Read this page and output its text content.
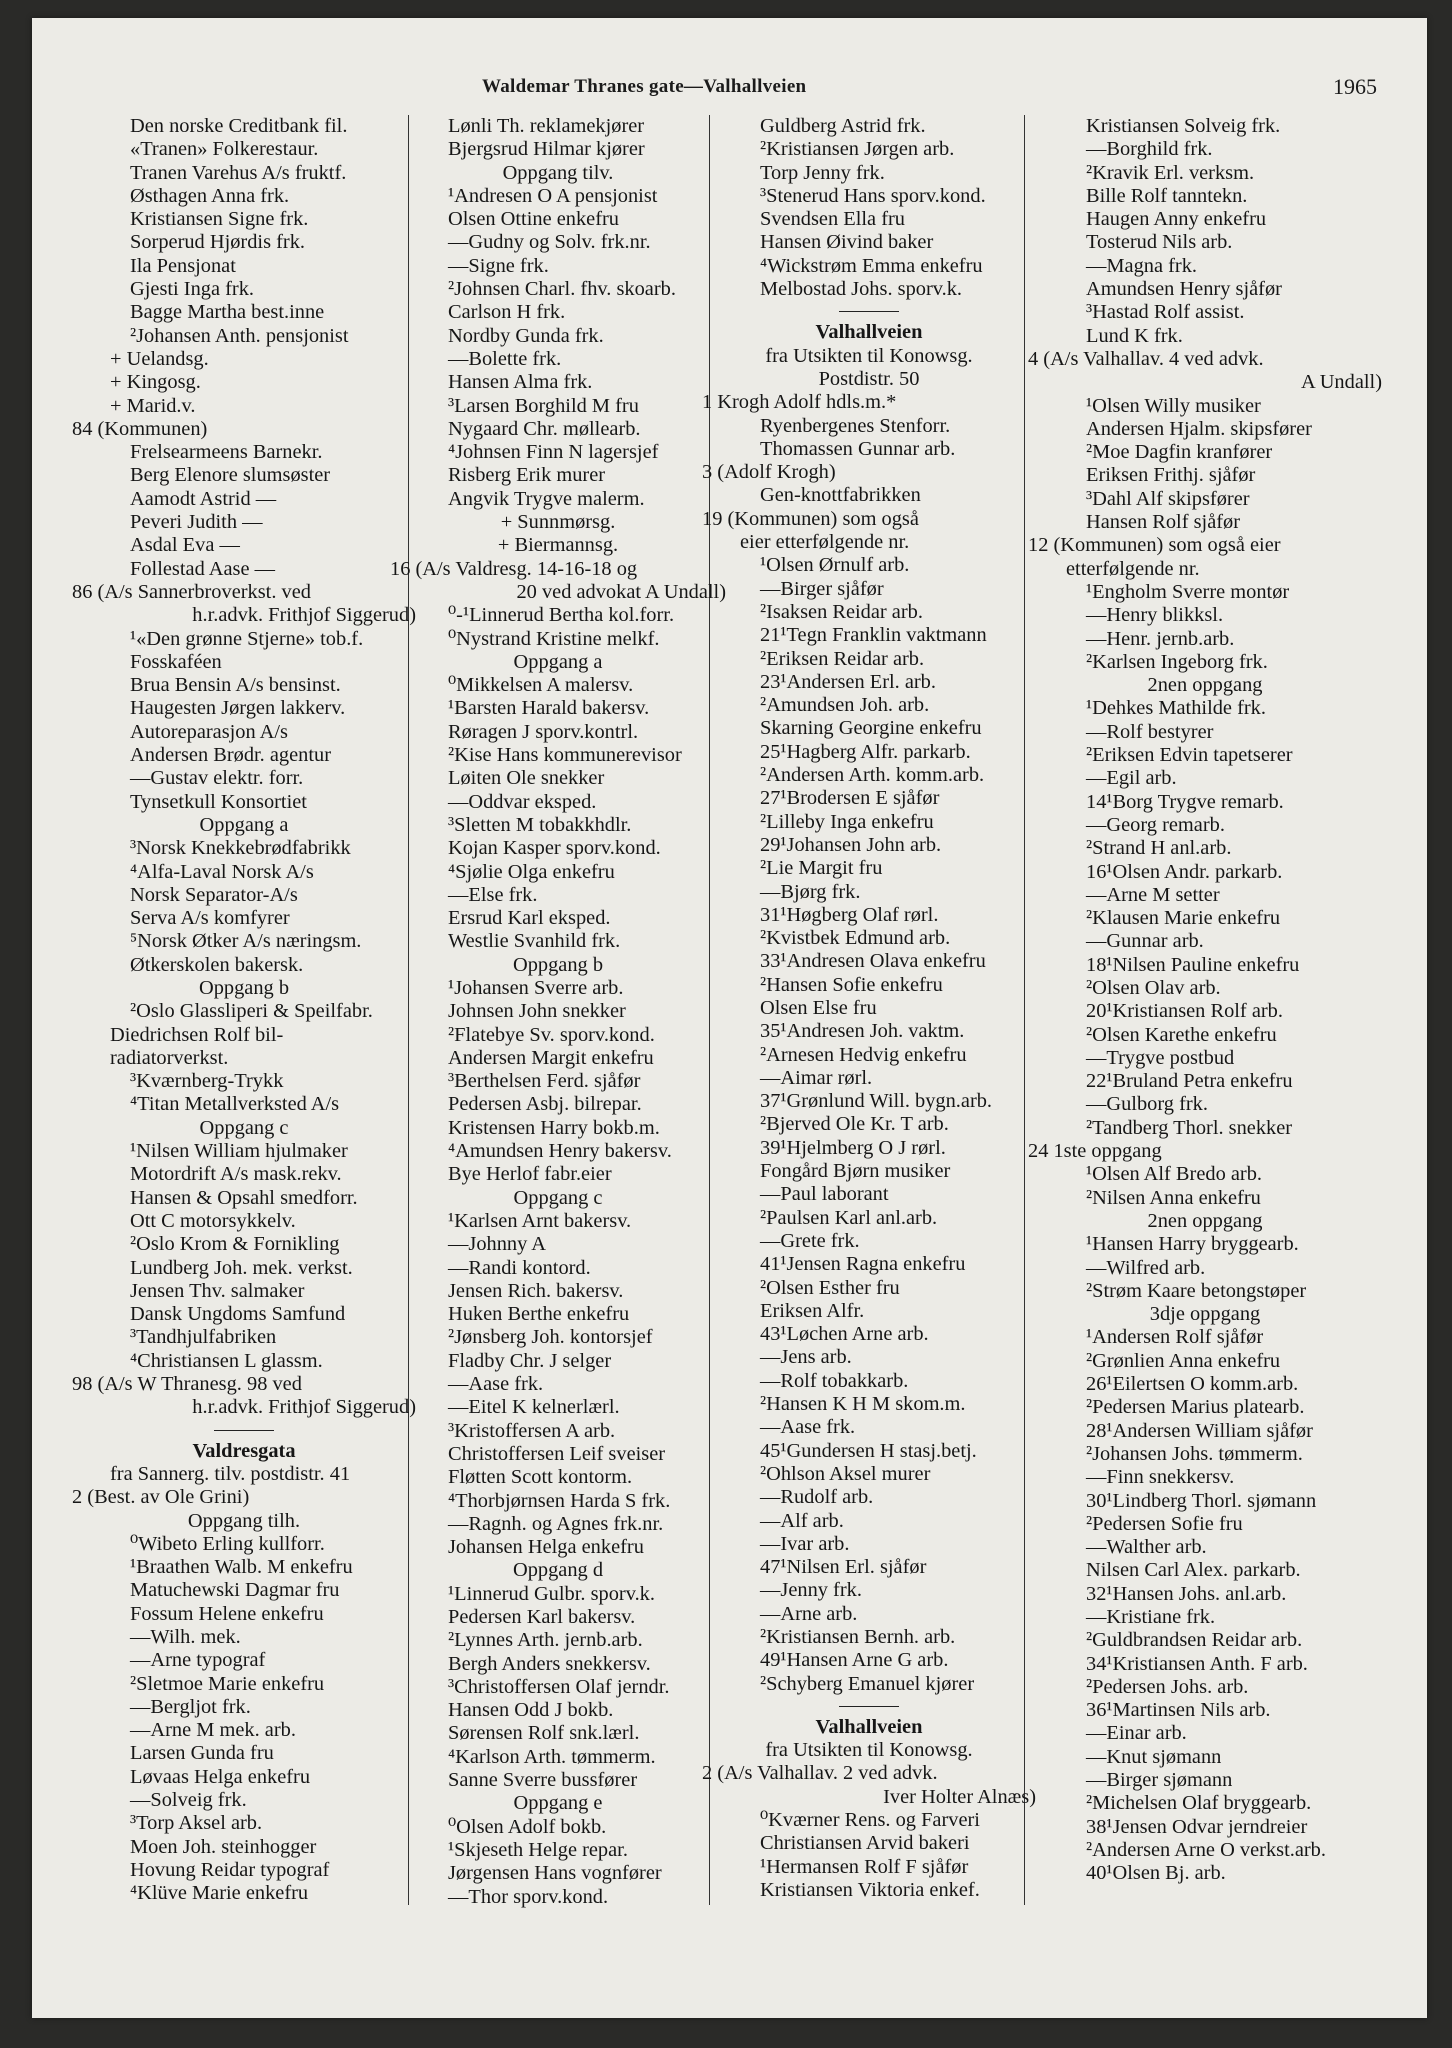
Waldemar Thranes gate—Valhallveien	1965
Den norske Creditbank fil.
«Tranen» Folkerestaur.
Tranen Varehus A/s fruktf.
Østhagen Anna frk.
Kristiansen Signe frk.
Sorperud Hjørdis frk.
Ila Pensjonat
Gjesti Inga frk.
Bagge Martha best.inne
²Johansen Anth. pensjonist
+ Uelandsg.
+ Kingosg.
+ Marid.v.
84 (Kommunen)
Frelsearmeens Barnekr.
Berg Elenore slumsøster
Aamodt Astrid —
Peveri Judith —
Asdal Eva —
Follestad Aase —
86 (A/s Sannerbroverkst. ved
h.r.advk. Frithjof Siggerud)
¹«Den grønne Stjerne» tob.f.
Fosskaféen
Brua Bensin A/s bensinst.
Haugesten Jørgen lakkerv.
Autoreparasjon A/s
Andersen Brødr. agentur
—Gustav elektr. forr.
Tynsetkull Konsortiet
Oppgang a
³Norsk Knekkebrødfabrikk
⁴Alfa-Laval Norsk A/s
Norsk Separator-A/s
Serva A/s komfyrer
⁵Norsk Øtker A/s næringsm.
Øtkerskolen bakersk.
Oppgang b
²Oslo Glassliperi & Speilfabr.
Diedrichsen Rolf bil-
radiatorverkst.
³Kværnberg-Trykk
⁴Titan Metallverksted A/s
Oppgang c
¹Nilsen William hjulmaker
Motordrift A/s mask.rekv.
Hansen & Opsahl smedforr.
Ott C motorsykkelv.
²Oslo Krom & Fornikling
Lundberg Joh. mek. verkst.
Jensen Thv. salmaker
Dansk Ungdoms Samfund
³Tandhjulfabriken
⁴Christiansen L glassm.
98 (A/s W Thranesg. 98 ved
h.r.advk. Frithjof Siggerud)
Valdresgata
fra Sannerg. tilv. postdistr. 41
2 (Best. av Ole Grini)
Oppgang tilh.
⁰Wibeto Erling kullforr.
¹Braathen Walb. M enkefru
Matuchewski Dagmar fru
Fossum Helene enkefru
—Wilh. mek.
—Arne typograf
²Sletmoe Marie enkefru
—Bergljot frk.
—Arne M mek. arb.
Larsen Gunda fru
Løvaas Helga enkefru
—Solveig frk.
³Torp Aksel arb.
Moen Joh. steinhogger
Hovung Reidar typograf
⁴Klüve Marie enkefru
Lønli Th. reklamekjører
Bjergsrud Hilmar kjører
Oppgang tilv.
¹Andresen O A pensjonist
Olsen Ottine enkefru
—Gudny og Solv. frk.nr.
—Signe frk.
²Johnsen Charl. fhv. skoarb.
Carlson H frk.
Nordby Gunda frk.
—Bolette frk.
Hansen Alma frk.
³Larsen Borghild M fru
Nygaard Chr. møllearb.
⁴Johnsen Finn N lagersjef
Risberg Erik murer
Angvik Trygve malerm.
+ Sunnmørsg.
+ Biermannsg.
16 (A/s Valdresg. 14-16-18 og
20 ved advokat A Undall)
⁰-¹Linnerud Bertha kol.forr.
⁰Nystrand Kristine melkf.
Oppgang a
⁰Mikkelsen A malersv.
¹Barsten Harald bakersv.
Røragen J sporv.kontrl.
²Kise Hans kommunerevisor
Løiten Ole snekker
—Oddvar eksped.
³Sletten M tobakkhdlr.
Kojan Kasper sporv.kond.
⁴Sjølie Olga enkefru
—Else frk.
Ersrud Karl eksped.
Westlie Svanhild frk.
Oppgang b
¹Johansen Sverre arb.
Johnsen John snekker
²Flatebye Sv. sporv.kond.
Andersen Margit enkefru
³Berthelsen Ferd. sjåfør
Pedersen Asbj. bilrepar.
Kristensen Harry bokb.m.
⁴Amundsen Henry bakersv.
Bye Herlof fabr.eier
Oppgang c
¹Karlsen Arnt bakersv.
—Johnny A
—Randi kontord.
Jensen Rich. bakersv.
Huken Berthe enkefru
²Jønsberg Joh. kontorsjef
Fladby Chr. J selger
—Aase frk.
—Eitel K kelnerlærl.
³Kristoffersen A arb.
Christoffersen Leif sveiser
Fløtten Scott kontorm.
⁴Thorbjørnsen Harda S frk.
—Ragnh. og Agnes frk.nr.
Johansen Helga enkefru
Oppgang d
¹Linnerud Gulbr. sporv.k.
Pedersen Karl bakersv.
²Lynnes Arth. jernb.arb.
Bergh Anders snekkersv.
³Christoffersen Olaf jerndr.
Hansen Odd J bokb.
Sørensen Rolf snk.lærl.
⁴Karlson Arth. tømmerm.
Sanne Sverre bussfører
Oppgang e
⁰Olsen Adolf bokb.
¹Skjeseth Helge repar.
Jørgensen Hans vognfører
—Thor sporv.kond.
Guldberg Astrid frk.
²Kristiansen Jørgen arb.
Torp Jenny frk.
³Stenerud Hans sporv.kond.
Svendsen Ella fru
Hansen Øivind baker
⁴Wickstrøm Emma enkefru
Melbostad Johs. sporv.k.
Valhallveien
fra Utsikten til Konowsg.
Postdistr. 50
1 Krogh Adolf hdls.m.*
Ryenbergenes Stenforr.
Thomassen Gunnar arb.
3 (Adolf Krogh)
Gen-knottfabrikken
19 (Kommunen) som også
eier etterfølgende nr.
¹Olsen Ørnulf arb.
—Birger sjåfør
²Isaksen Reidar arb.
21¹Tegn Franklin vaktmann
²Eriksen Reidar arb.
23¹Andersen Erl. arb.
²Amundsen Joh. arb.
Skarning Georgine enkefru
25¹Hagberg Alfr. parkarb.
²Andersen Arth. komm.arb.
27¹Brodersen E sjåfør
²Lilleby Inga enkefru
29¹Johansen John arb.
²Lie Margit fru
—Bjørg frk.
31¹Høgberg Olaf rørl.
²Kvistbek Edmund arb.
33¹Andresen Olava enkefru
²Hansen Sofie enkefru
Olsen Else fru
35¹Andresen Joh. vaktm.
²Arnesen Hedvig enkefru
—Aimar rørl.
37¹Grønlund Will. bygn.arb.
²Bjerved Ole Kr. T arb.
39¹Hjelmberg O J rørl.
Fongård Bjørn musiker
—Paul laborant
²Paulsen Karl anl.arb.
—Grete frk.
41¹Jensen Ragna enkefru
²Olsen Esther fru
Eriksen Alfr.
43¹Løchen Arne arb.
—Jens arb.
—Rolf tobakkarb.
²Hansen K H M skom.m.
—Aase frk.
45¹Gundersen H stasj.betj.
²Ohlson Aksel murer
—Rudolf arb.
—Alf arb.
—Ivar arb.
47¹Nilsen Erl. sjåfør
—Jenny frk.
—Arne arb.
²Kristiansen Bernh. arb.
49¹Hansen Arne G arb.
²Schyberg Emanuel kjører
Valhallveien
fra Utsikten til Konowsg.
2 (A/s Valhallav. 2 ved advk.
Iver Holter Alnæs)
⁰Kværner Rens. og Farveri
Christiansen Arvid bakeri
¹Hermansen Rolf F sjåfør
Kristiansen Viktoria enkef.
Kristiansen Solveig frk.
—Borghild frk.
²Kravik Erl. verksm.
Bille Rolf tanntekn.
Haugen Anny enkefru
Tosterud Nils arb.
—Magna frk.
Amundsen Henry sjåfør
³Hastad Rolf assist.
Lund K frk.
4 (A/s Valhallav. 4 ved advk.
A Undall)
¹Olsen Willy musiker
Andersen Hjalm. skipsfører
²Moe Dagfin kranfører
Eriksen Frithj. sjåfør
³Dahl Alf skipsfører
Hansen Rolf sjåfør
12 (Kommunen) som også eier
etterfølgende nr.
¹Engholm Sverre montør
—Henry blikksl.
—Henr. jernb.arb.
²Karlsen Ingeborg frk.
2nen oppgang
¹Dehkes Mathilde frk.
—Rolf bestyrer
²Eriksen Edvin tapetserer
—Egil arb.
14¹Borg Trygve remarb.
—Georg remarb.
²Strand H anl.arb.
16¹Olsen Andr. parkarb.
—Arne M setter
²Klausen Marie enkefru
—Gunnar arb.
18¹Nilsen Pauline enkefru
²Olsen Olav arb.
20¹Kristiansen Rolf arb.
²Olsen Karethe enkefru
—Trygve postbud
22¹Bruland Petra enkefru
—Gulborg frk.
²Tandberg Thorl. snekker
24 1ste oppgang
¹Olsen Alf Bredo arb.
²Nilsen Anna enkefru
2nen oppgang
¹Hansen Harry bryggearb.
—Wilfred arb.
²Strøm Kaare betongstøper
3dje oppgang
¹Andersen Rolf sjåfør
²Grønlien Anna enkefru
26¹Eilertsen O komm.arb.
²Pedersen Marius platearb.
28¹Andersen William sjåfør
²Johansen Johs. tømmerm.
—Finn snekkersv.
30¹Lindberg Thorl. sjømann
²Pedersen Sofie fru
—Walther arb.
Nilsen Carl Alex. parkarb.
32¹Hansen Johs. anl.arb.
—Kristiane frk.
²Guldbrandsen Reidar arb.
34¹Kristiansen Anth. F arb.
²Pedersen Johs. arb.
36¹Martinsen Nils arb.
—Einar arb.
—Knut sjømann
—Birger sjømann
²Michelsen Olaf bryggearb.
38¹Jensen Odvar jerndreier
²Andersen Arne O verkst.arb.
40¹Olsen Bj. arb.
